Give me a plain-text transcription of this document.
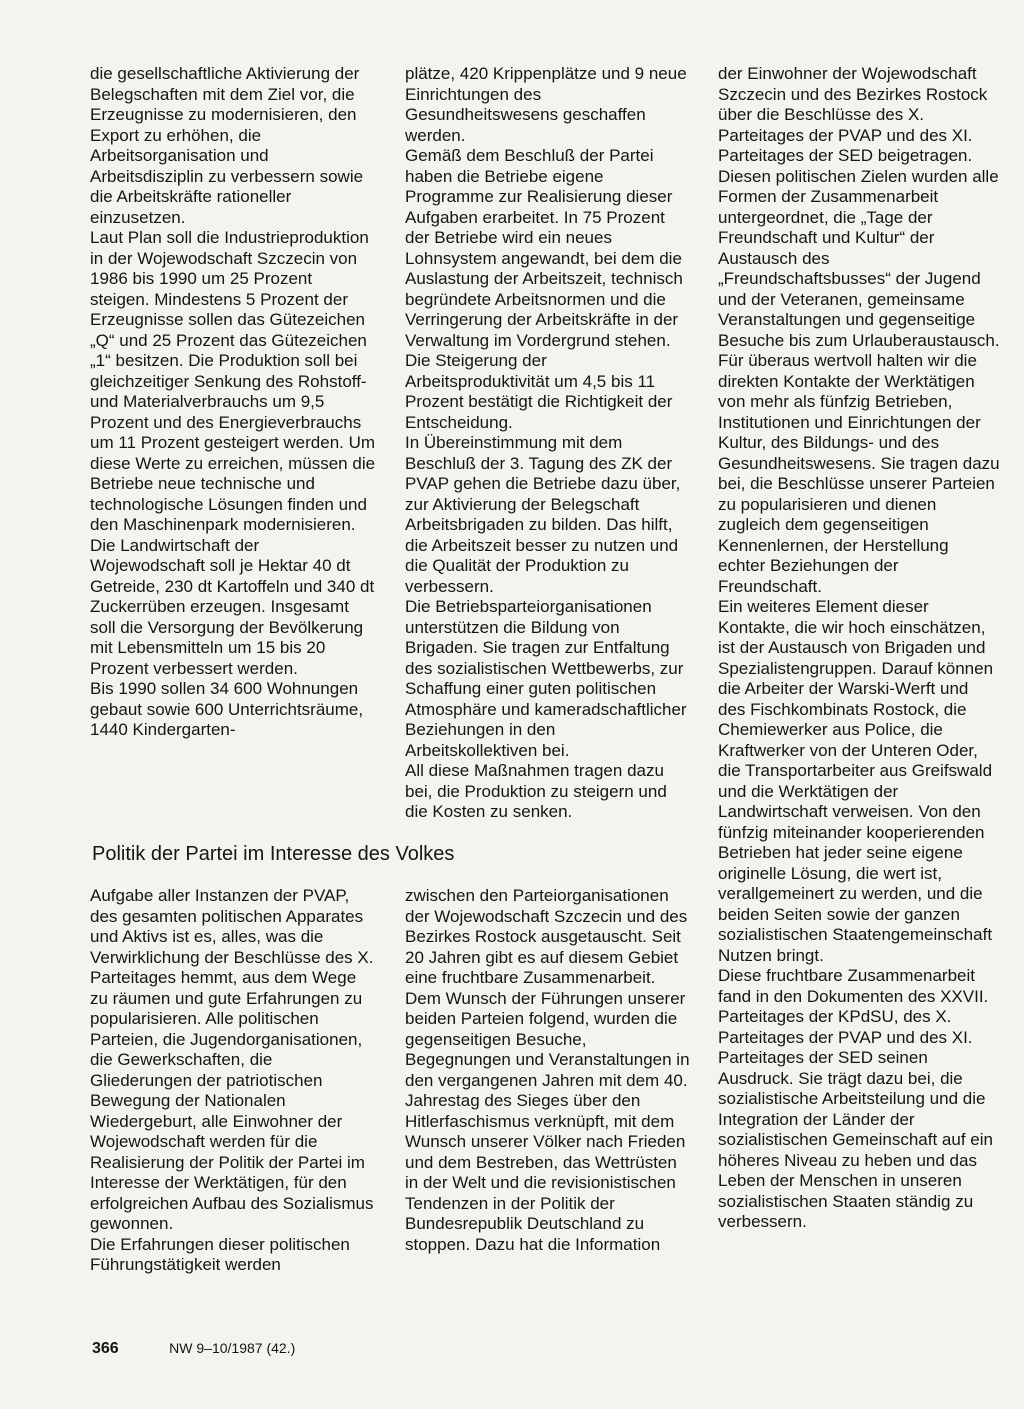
die gesellschaftliche Aktivierung der Belegschaften mit dem Ziel vor, die Erzeugnisse zu modernisieren, den Export zu erhöhen, die Arbeitsorganisation und Arbeitsdisziplin zu verbessern sowie die Arbeitskräfte rationeller einzusetzen.

Laut Plan soll die Industrieproduktion in der Wojewodschaft Szczecin von 1986 bis 1990 um 25 Prozent steigen. Mindestens 5 Prozent der Erzeugnisse sollen das Gütezeichen „Q“ und 25 Prozent das Gütezeichen „1“ besitzen. Die Produktion soll bei gleichzeitiger Senkung des Rohstoff- und Materialverbrauchs um 9,5 Prozent und des Energieverbrauchs um 11 Prozent gesteigert werden. Um diese Werte zu erreichen, müssen die Betriebe neue technische und technologische Lösungen finden und den Maschinenpark modernisieren.

Die Landwirtschaft der Wojewodschaft soll je Hektar 40 dt Getreide, 230 dt Kartoffeln und 340 dt Zuckerrüben erzeugen. Insgesamt soll die Versorgung der Bevölkerung mit Lebensmitteln um 15 bis 20 Prozent verbessert werden.

Bis 1990 sollen 34 600 Wohnungen gebaut sowie 600 Unterrichtsräume, 1440 Kindergarten-

plätze, 420 Krippenplätze und 9 neue Einrichtungen des Gesundheitswesens geschaffen werden.

Gemäß dem Beschluß der Partei haben die Betriebe eigene Programme zur Realisierung dieser Aufgaben erarbeitet. In 75 Prozent der Betriebe wird ein neues Lohnsystem angewandt, bei dem die Auslastung der Arbeitszeit, technisch begründete Arbeitsnormen und die Verringerung der Arbeitskräfte in der Verwaltung im Vordergrund stehen. Die Steigerung der Arbeitsproduktivität um 4,5 bis 11 Prozent bestätigt die Richtigkeit der Entscheidung.

In Übereinstimmung mit dem Beschluß der 3. Tagung des ZK der PVAP gehen die Betriebe dazu über, zur Aktivierung der Belegschaft Arbeitsbrigaden zu bilden. Das hilft, die Arbeitszeit besser zu nutzen und die Qualität der Produktion zu verbessern.

Die Betriebsparteiorganisationen unterstützen die Bildung von Brigaden. Sie tragen zur Entfaltung des sozialistischen Wettbewerbs, zur Schaffung einer guten politischen Atmosphäre und kameradschaftlicher Beziehungen in den Arbeitskollektiven bei.

All diese Maßnahmen tragen dazu bei, die Produktion zu steigern und die Kosten zu senken.

der Einwohner der Wojewodschaft Szczecin und des Bezirkes Rostock über die Beschlüsse des X. Parteitages der PVAP und des XI. Parteitages der SED beigetragen. Diesen politischen Zielen wurden alle Formen der Zusammenarbeit untergeordnet, die „Tage der Freundschaft und Kultur“ der Austausch des „Freundschaftsbusses“ der Jugend und der Veteranen, gemeinsame Veranstaltungen und gegenseitige Besuche bis zum Urlauberaustausch.

Für überaus wertvoll halten wir die direkten Kontakte der Werktätigen von mehr als fünfzig Betrieben, Institutionen und Einrichtungen der Kultur, des Bildungs- und des Gesundheitswesens. Sie tragen dazu bei, die Beschlüsse unserer Parteien zu popularisieren und dienen zugleich dem gegenseitigen Kennenlernen, der Herstellung echter Beziehungen der Freundschaft.

Ein weiteres Element dieser Kontakte, die wir hoch einschätzen, ist der Austausch von Brigaden und Spezialistengruppen. Darauf können die Arbeiter der Warski-Werft und des Fischkombinats Rostock, die Chemiewerker aus Police, die Kraftwerker von der Unteren Oder, die Transportarbeiter aus Greifswald und die Werktätigen der Landwirtschaft verweisen. Von den fünfzig miteinander kooperierenden Betrieben hat jeder seine eigene originelle Lösung, die wert ist, verallgemeinert zu werden, und die beiden Seiten sowie der ganzen sozialistischen Staatengemeinschaft Nutzen bringt.

Diese fruchtbare Zusammenarbeit fand in den Dokumenten des XXVII. Parteitages der KPdSU, des X. Parteitages der PVAP und des XI. Parteitages der SED seinen Ausdruck. Sie trägt dazu bei, die sozialistische Arbeitsteilung und die Integration der Länder der sozialistischen Gemeinschaft auf ein höheres Niveau zu heben und das Leben der Menschen in unseren sozialistischen Staaten ständig zu verbessern.

Politik der Partei im Interesse des Volkes

Aufgabe aller Instanzen der PVAP, des gesamten politischen Apparates und Aktivs ist es, alles, was die Verwirklichung der Beschlüsse des X. Parteitages hemmt, aus dem Wege zu räumen und gute Erfahrungen zu popularisieren. Alle politischen Parteien, die Jugendorganisationen, die Gewerkschaften, die Gliederungen der patriotischen Bewegung der Nationalen Wiedergeburt, alle Einwohner der Wojewodschaft werden für die Realisierung der Politik der Partei im Interesse der Werktätigen, für den erfolgreichen Aufbau des Sozialismus gewonnen.

Die Erfahrungen dieser politischen Führungstätigkeit werden

zwischen den Parteiorganisationen der Wojewodschaft Szczecin und des Bezirkes Rostock ausgetauscht. Seit 20 Jahren gibt es auf diesem Gebiet eine fruchtbare Zusammenarbeit. Dem Wunsch der Führungen unserer beiden Parteien folgend, wurden die gegenseitigen Besuche, Begegnungen und Veranstaltungen in den vergangenen Jahren mit dem 40. Jahrestag des Sieges über den Hitlerfaschismus verknüpft, mit dem Wunsch unserer Völker nach Frieden und dem Bestreben, das Wettrüsten in der Welt und die revisionistischen Tendenzen in der Politik der Bundesrepublik Deutschland zu stoppen. Dazu hat die Information

366	NW 9–10/1987 (42.)
